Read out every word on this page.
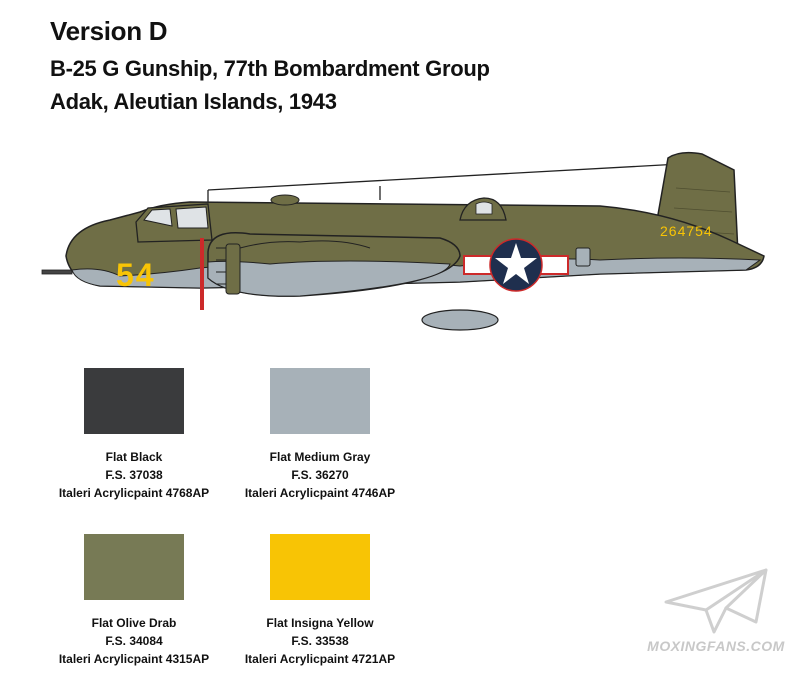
Version D
B-25 G Gunship, 77th Bombardment Group
Adak, Aleutian Islands, 1943
264754
54
Flat Black
F.S. 37038
Italeri Acrylicpaint 4768AP
Flat Medium Gray
F.S. 36270
Italeri Acrylicpaint 4746AP
Flat Olive Drab
F.S. 34084
Italeri Acrylicpaint 4315AP
Flat Insigna Yellow
F.S. 33538
Italeri Acrylicpaint 4721AP
MOXINGFANS.COM
